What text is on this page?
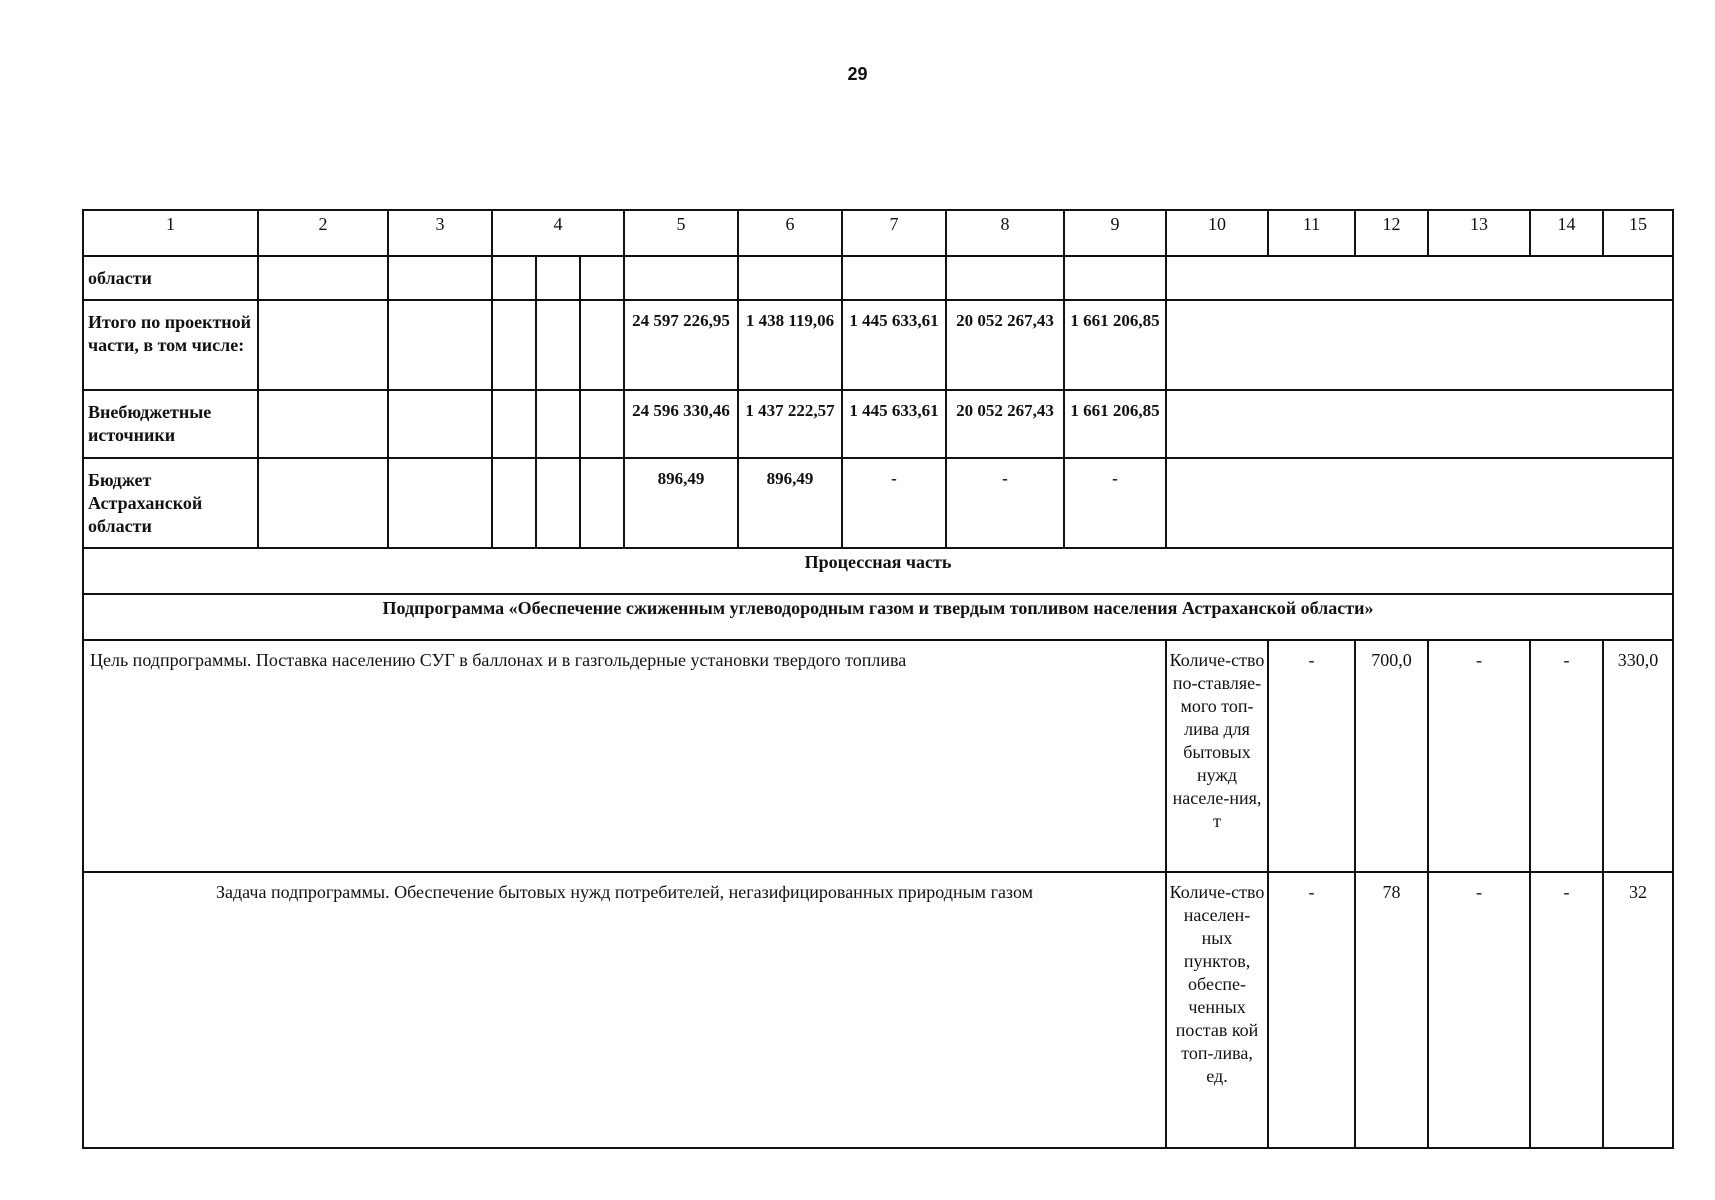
29
1	2	3	4			5	6	7	8	9	10	11	12	13	14	15
области																
Итого по проектной части, в том числе:						24 597 226,95	1 438 119,06	1 445 633,61	20 052 267,43	1 661 206,85						
Внебюджетные источники						24 596 330,46	1 437 222,57	1 445 633,61	20 052 267,43	1 661 206,85						
Бюджет Астраханской области						896,49	896,49	-	-	-						
Процессная часть																
Подпрограмма «Обеспечение сжиженным углеводородным газом и твердым топливом населения Астраханской области»																
Цель подпрограммы. Поставка населению СУГ в баллонах и в газгольдерные установки твердого топлива											Количе-ство по-ставляе-мого топ-лива для бытовых нужд населе-ния, т	-	700,0	-	-	330,0
Задача подпрограммы. Обеспечение бытовых нужд потребителей, негазифицированных природным газом											Количе-ство населен-ных пунктов, обеспе-ченных постав кой топ-лива, ед.	-	78	-	-	32
